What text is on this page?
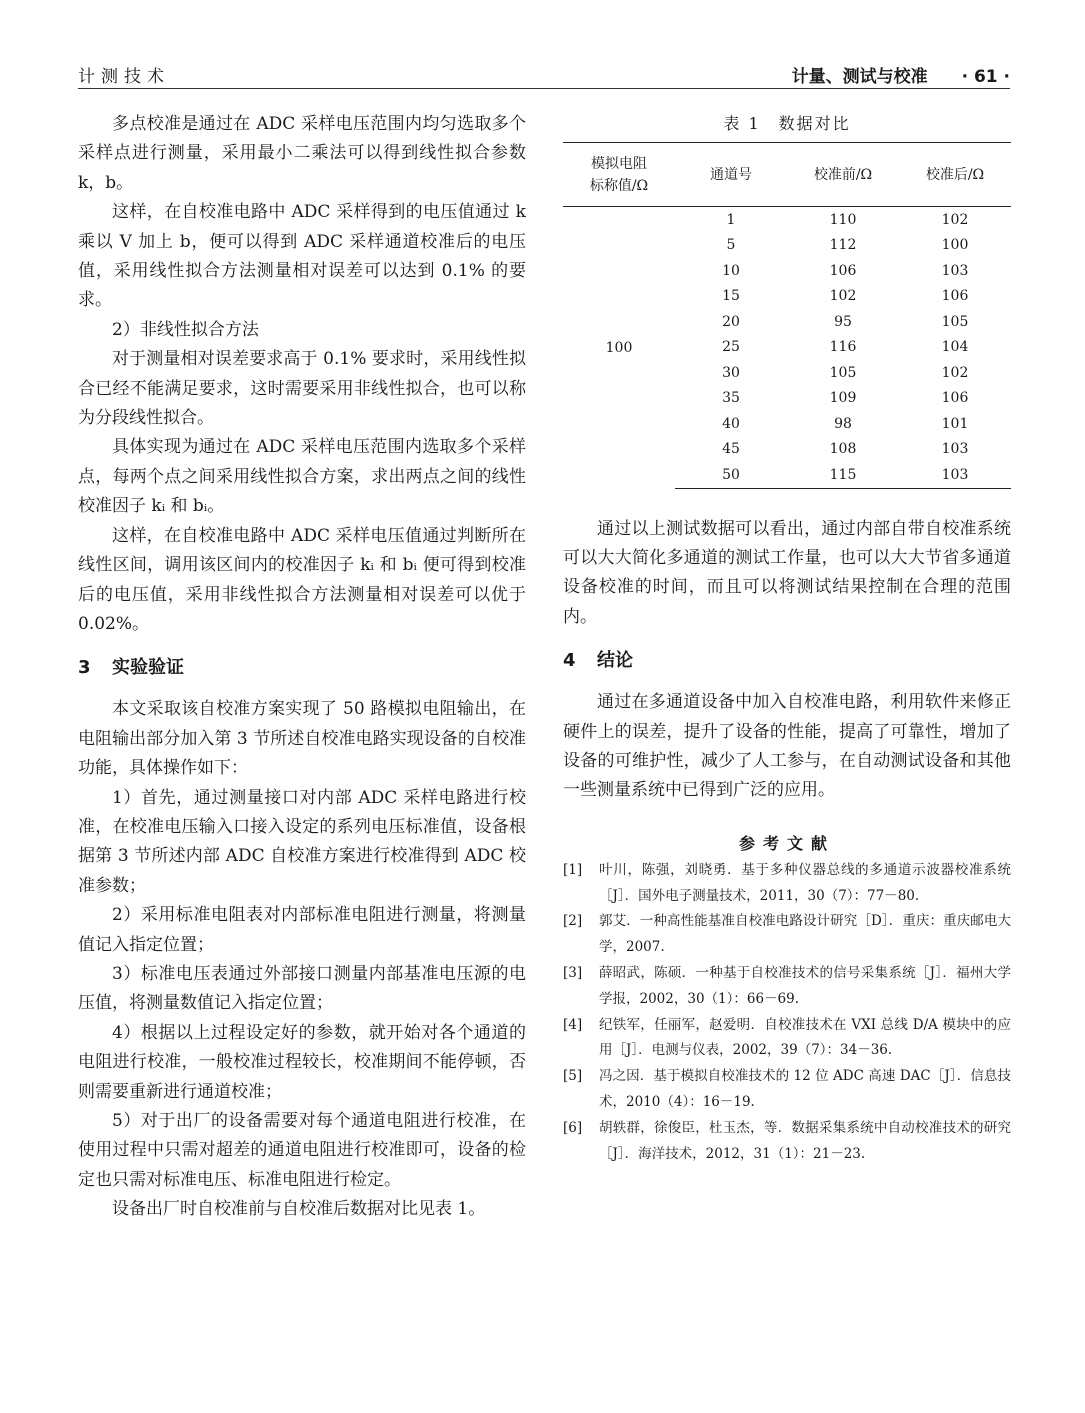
计测技术	计量、测试与校准　　 · 61 ·

多点校准是通过在 ADC 采样电压范围内均匀选取多个采样点进行测量，采用最小二乘法可以得到线性拟合参数 k，b。

这样，在自校准电路中 ADC 采样得到的电压值通过 k 乘以 V 加上 b，便可以得到 ADC 采样通道校准后的电压值，采用线性拟合方法测量相对误差可以达到 0.1% 的要求。

2）非线性拟合方法

对于测量相对误差要求高于 0.1% 要求时，采用线性拟合已经不能满足要求，这时需要采用非线性拟合，也可以称为分段线性拟合。

具体实现为通过在 ADC 采样电压范围内选取多个采样点，每两个点之间采用线性拟合方案，求出两点之间的线性校准因子 kᵢ 和 bᵢ。

这样，在自校准电路中 ADC 采样电压值通过判断所在线性区间，调用该区间内的校准因子 kᵢ 和 bᵢ 便可得到校准后的电压值，采用非线性拟合方法测量相对误差可以优于 0.02%。

3 实验验证

本文采取该自校准方案实现了 50 路模拟电阻输出，在电阻输出部分加入第 3 节所述自校准电路实现设备的自校准功能，具体操作如下：

1）首先，通过测量接口对内部 ADC 采样电路进行校准，在校准电压输入口接入设定的系列电压标准值，设备根据第 3 节所述内部 ADC 自校准方案进行校准得到 ADC 校准参数；

2）采用标准电阻表对内部标准电阻进行测量，将测量值记入指定位置；

3）标准电压表通过外部接口测量内部基准电压源的电压值，将测量数值记入指定位置；

4）根据以上过程设定好的参数，就开始对各个通道的电阻进行校准，一般校准过程较长，校准期间不能停顿，否则需要重新进行通道校准；

5）对于出厂的设备需要对每个通道电阻进行校准，在使用过程中只需对超差的通道电阻进行校准即可，设备的检定也只需对标准电压、标准电阻进行检定。

设备出厂时自校准前与自校准后数据对比见表 1。

表 1　数据对比
模拟电阻
标称值/Ω	通道号	校准前/Ω	校准后/Ω
100	1	110	102
	5	112	100
	10	106	103
	15	102	106
	20	95	105
	25	116	104
	30	105	102
	35	109	106
	40	98	101
	45	108	103
	50	115	103

通过以上测试数据可以看出，通过内部自带自校准系统可以大大简化多通道的测试工作量，也可以大大节省多通道设备校准的时间，而且可以将测试结果控制在合理的范围内。

4 结论

通过在多通道设备中加入自校准电路，利用软件来修正硬件上的误差，提升了设备的性能，提高了可靠性，增加了设备的可维护性，减少了人工参与，在自动测试设备和其他一些测量系统中已得到广泛的应用。

参考文献
[1] 叶川，陈强，刘晓勇．基于多种仪器总线的多通道示波器校准系统［J］．国外电子测量技术，2011，30（7）：77－80.
[2] 郭艾．一种高性能基准自校准电路设计研究［D］．重庆：重庆邮电大学，2007.
[3] 薛昭武，陈硕．一种基于自校准技术的信号采集系统［J］．福州大学学报，2002，30（1）：66－69.
[4] 纪铁军，任丽军，赵爱明．自校准技术在 VXI 总线 D/A 模块中的应用［J］．电测与仪表，2002，39（7）：34－36.
[5] 冯之因．基于模拟自校准技术的 12 位 ADC 高速 DAC［J］．信息技术，2010（4）：16－19.
[6] 胡轶群，徐俊臣，杜玉杰，等．数据采集系统中自动校准技术的研究［J］．海洋技术，2012，31（1）：21－23.
